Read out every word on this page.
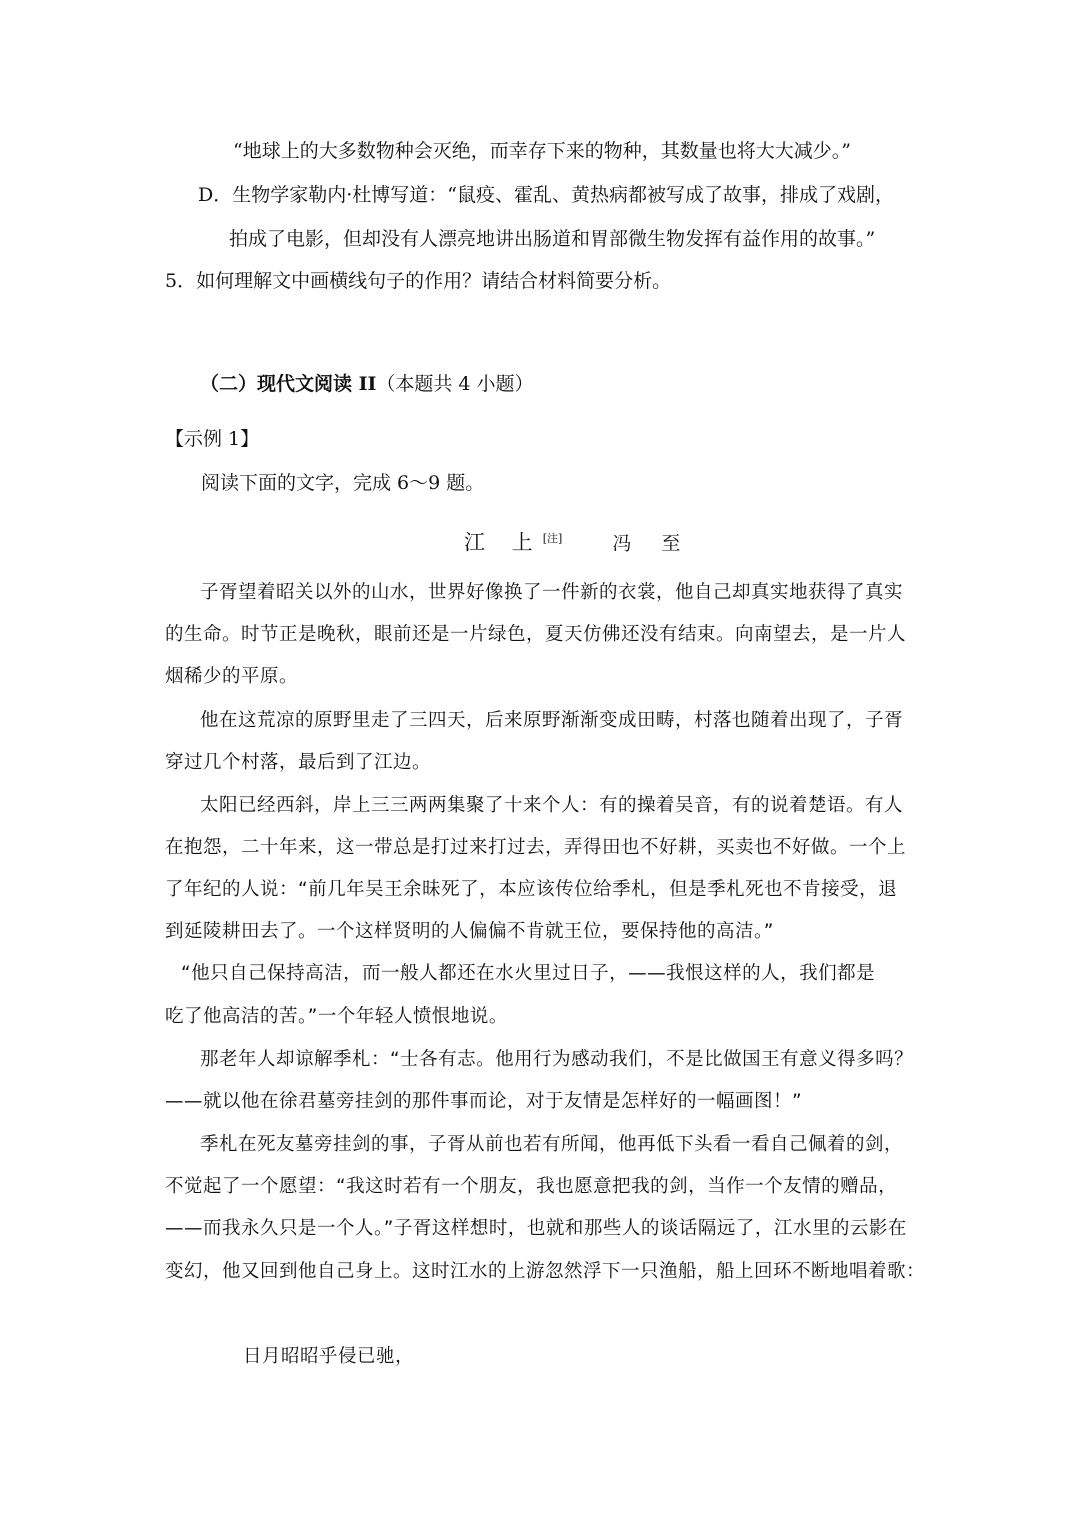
“地球上的大多数物种会灭绝，而幸存下来的物种，其数量也将大大减少。”
D．生物学家勒内·杜博写道：“鼠疫、霍乱、黄热病都被写成了故事，排成了戏剧，
拍成了电影，但却没有人漂亮地讲出肠道和胃部微生物发挥有益作用的故事。”
5．如何理解文中画横线句子的作用？请结合材料简要分析。
（二）现代文阅读 II（本题共 4 小题）
【示例 1】
阅读下面的文字，完成 6～9 题。
江 上[注]	冯 至
子胥望着昭关以外的山水，世界好像换了一件新的衣裳，他自己却真实地获得了真实
的生命。时节正是晚秋，眼前还是一片绿色，夏天仿佛还没有结束。向南望去，是一片人
烟稀少的平原。
他在这荒凉的原野里走了三四天，后来原野渐渐变成田畴，村落也随着出现了，子胥
穿过几个村落，最后到了江边。
太阳已经西斜，岸上三三两两集聚了十来个人：有的操着吴音，有的说着楚语。有人
在抱怨，二十年来，这一带总是打过来打过去，弄得田也不好耕，买卖也不好做。一个上
了年纪的人说：“前几年吴王余昧死了，本应该传位给季札，但是季札死也不肯接受，退
到延陵耕田去了。一个这样贤明的人偏偏不肯就王位，要保持他的高洁。”
“他只自己保持高洁，而一般人都还在水火里过日子，——我恨这样的人，我们都是
吃了他高洁的苦。”一个年轻人愤恨地说。
那老年人却谅解季札：“士各有志。他用行为感动我们，不是比做国王有意义得多吗？
——就以他在徐君墓旁挂剑的那件事而论，对于友情是怎样好的一幅画图！”
季札在死友墓旁挂剑的事，子胥从前也若有所闻，他再低下头看一看自己佩着的剑，
不觉起了一个愿望：“我这时若有一个朋友，我也愿意把我的剑，当作一个友情的赠品，
——而我永久只是一个人。”子胥这样想时，也就和那些人的谈话隔远了，江水里的云影在
变幻，他又回到他自己身上。这时江水的上游忽然浮下一只渔船，船上回环不断地唱着歌：
日月昭昭乎侵已驰，
